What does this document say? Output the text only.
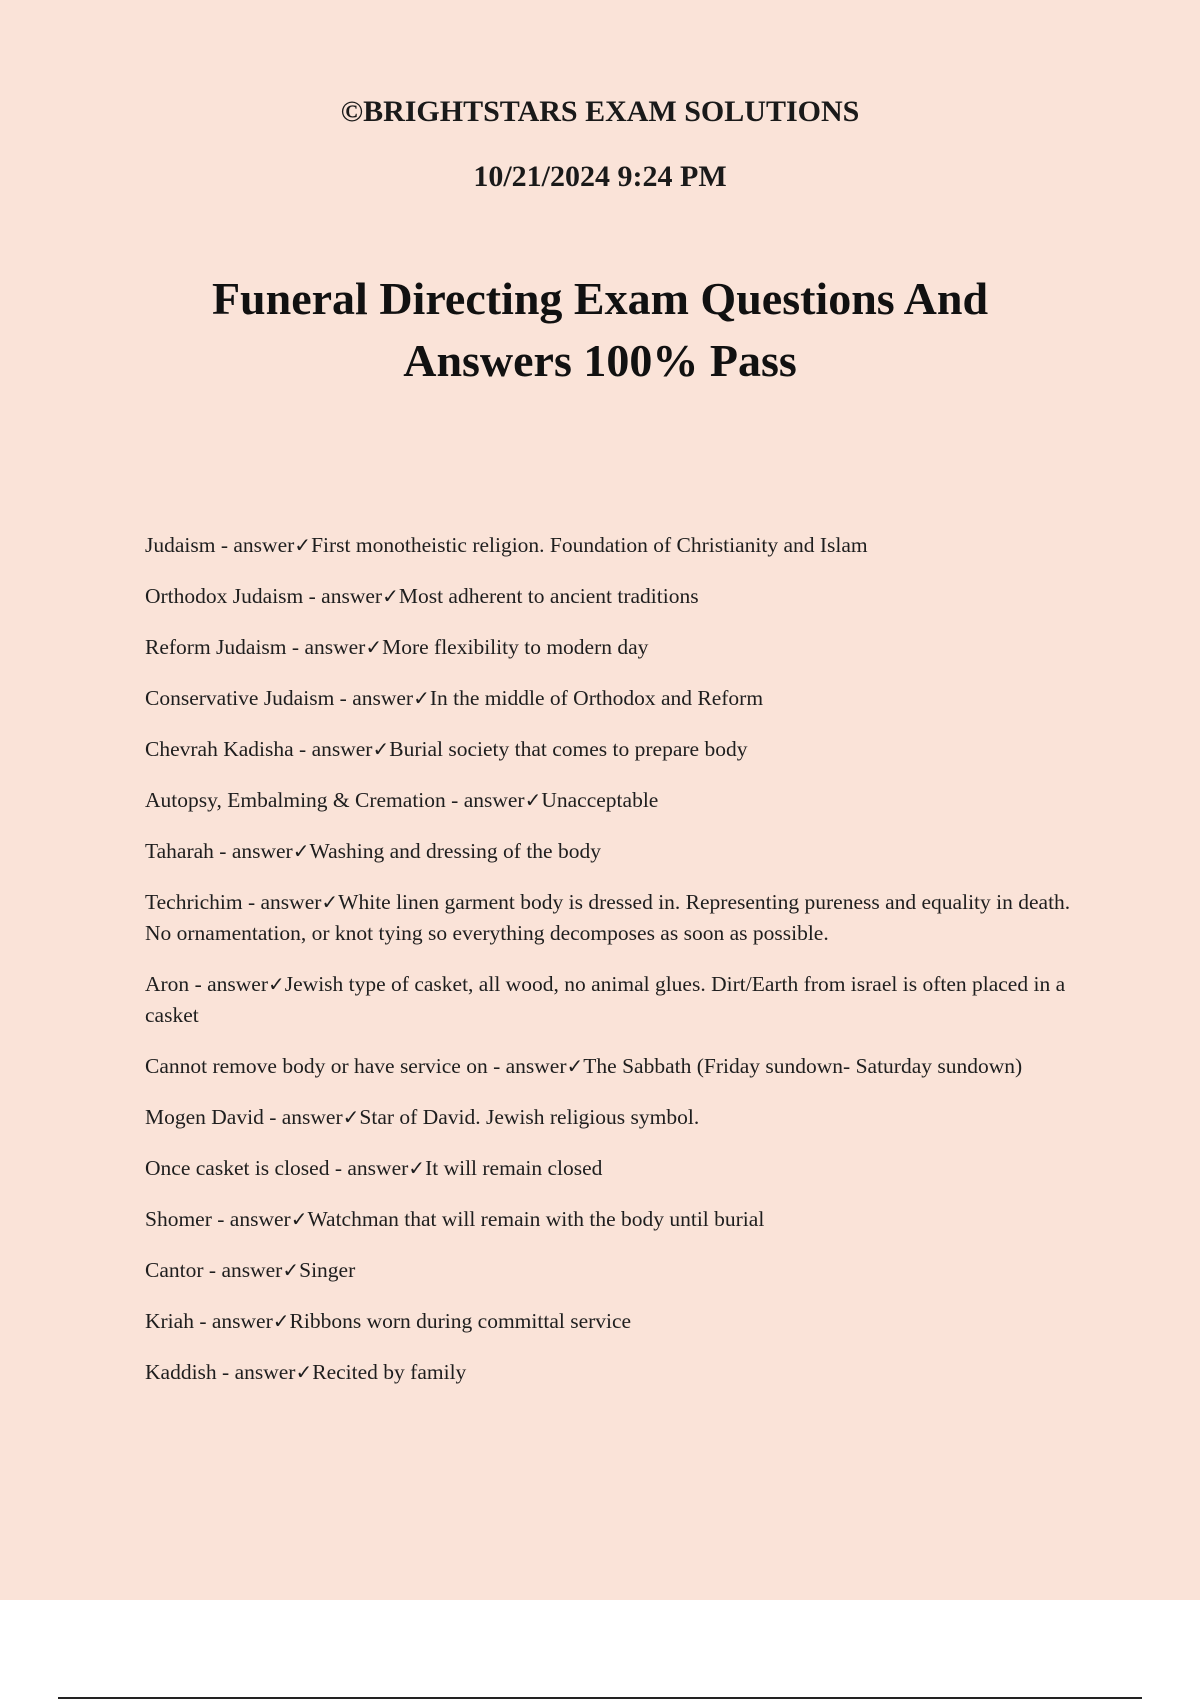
©BRIGHTSTARS EXAM SOLUTIONS
10/21/2024 9:24 PM
Funeral Directing Exam Questions And Answers 100% Pass
Judaism - answer✓First monotheistic religion. Foundation of Christianity and Islam
Orthodox Judaism - answer✓Most adherent to ancient traditions
Reform Judaism - answer✓More flexibility to modern day
Conservative Judaism - answer✓In the middle of Orthodox and Reform
Chevrah Kadisha - answer✓Burial society that comes to prepare body
Autopsy, Embalming & Cremation - answer✓Unacceptable
Taharah - answer✓Washing and dressing of the body
Techrichim - answer✓White linen garment body is dressed in. Representing pureness and equality in death. No ornamentation, or knot tying so everything decomposes as soon as possible.
Aron - answer✓Jewish type of casket, all wood, no animal glues. Dirt/Earth from israel is often placed in a casket
Cannot remove body or have service on - answer✓The Sabbath (Friday sundown- Saturday sundown)
Mogen David - answer✓Star of David. Jewish religious symbol.
Once casket is closed - answer✓It will remain closed
Shomer - answer✓Watchman that will remain with the body until burial
Cantor - answer✓Singer
Kriah - answer✓Ribbons worn during committal service
Kaddish - answer✓Recited by family
